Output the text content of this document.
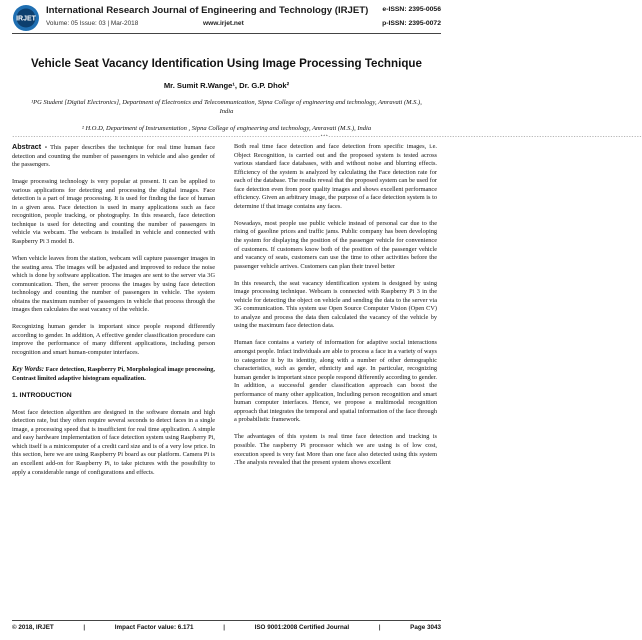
IRJET
International Research Journal of Engineering and Technology (IRJET)
Volume: 05 Issue: 03 | Mar-2018	www.irjet.net
e-ISSN: 2395-0056
p-ISSN: 2395-0072
Vehicle Seat Vacancy Identification Using Image Processing Technique
Mr. Sumit R.Wange¹, Dr. G.P. Dhok²
¹PG Student [Digital Electronics], Department of Electronics and Telecommunication, Sipna College of engineering and technology, Amravati (M.S.), India
² H.O.D, Department of Instrumentation , Sipna College of engineering and technology, Amravati (M.S.), India
---------------------------------------------------------------------------------------------------------------------***-----------------------------------------------------------------------------------------------------------------------

Abstract - This paper describes the technique for real time human face detection and counting the number of passengers in vehicle and also gender of the passengers.

Image processing technology is very popular at present. It can be applied to various applications for detecting and processing the digital images. Face detection is a part of image processing. It is used for finding the face of human in a given area. Face detection is used in many applications such as face recognition, people tracking, or photography. In this research, face detection technique is used for detecting and counting the number of passengers in vehicle via webcam. The webcam is installed in vehicle and connected with Raspberry Pi 3 model B.

When vehicle leaves from the station, webcam will capture passenger images in the seating area. The images will be adjusted and improved to reduce the noise which is done by software application. The images are sent to the server via 3G communication. Then, the server process the images by using face detection technology and counting the number of passengers in vehicle. The system obtains the maximum number of passengers in vehicle that process through the images then calculates the seat vacancy of the vehicle.

Recognizing human gender is important since people respond differently according to gender. In addition, A effective gender classification procedure can improve the performance of many different applications, including person recognition and smart human-computer interfaces.

Key Words: Face detection, Raspberry Pi, Morphological image processing, Contrast limited adaptive histogram equalization.

1. INTRODUCTION

Most face detection algorithm are designed in the software domain and high detection rate, but they often require several seconds to detect faces in a single image, a processing speed that is insufficient for real time application. A simple and easy hardware implementation of face detection system using Raspberry Pi, which itself is a minicomputer of a credit card size and is of a very low price. In this section, here we are using Raspberry Pi board as our platform. Camera Pi is an excellent add-on for Raspberry Pi, to take pictures with the possibility to apply a considerable range of configurations and effects.

Both real time face detection and face detection from specific images, i.e. Object Recognition, is carried out and the proposed system is tested across various standard face databases, with and without noise and blurring effects. Efficiency of the system is analyzed by calculating the Face detection rate for each of the database. The results reveal that the proposed system can be used for face detection even from poor quality images and shows excellent performance efficiency. Given an arbitrary image, the purpose of a face detection system is to determine if that image contains any faces.

Nowadays, most people use public vehicle instead of personal car due to the rising of gasoline prices and traffic jams. Public company has been developing the system for displaying the position of the passenger vehicle for convenience of customers. If customers know both of the position of the passenger vehicle and vacancy of seats, customers can use the time to other activities before the passenger vehicle arrives. Customers can plan their travel better

In this research, the seat vacancy identification system is designed by using image processing technique. Webcam is connected with Raspberry Pi 3 in the vehicle for detecting the object on vehicle and sending the data to the server via 3G communication. This system use Open Source Computer Vision (Open CV) to analyze and process the data then calculated the vacancy of the vehicle by using the maximum face detection data.

Human face contains a variety of information for adaptive social interactions amongst people. Infact individuals are able to process a face in a variety of ways to categorize it by its identity, along with a number of other demographic characteristics, such as gender, ethnicity and age. In particular, recognizing human gender is important since people respond differently according to gender. In addition, a successful gender classification approach can boost the performance of many other application, Including person recognition and smart human computer interfaces. Hence, we propose a multimodal recognition approach that integrates the temporal and spatial information of the face through a probabilistic framework.

The advantages of this system is real time face detection and tracking is possible. The raspberry Pi processor which we are using is of low cost, execution speed is very fast More than one face also detected using this system .The analysis revealed that the present system shows excellent

© 2018, IRJET	|	Impact Factor value: 6.171	|	ISO 9001:2008 Certified Journal	|	Page 3043
